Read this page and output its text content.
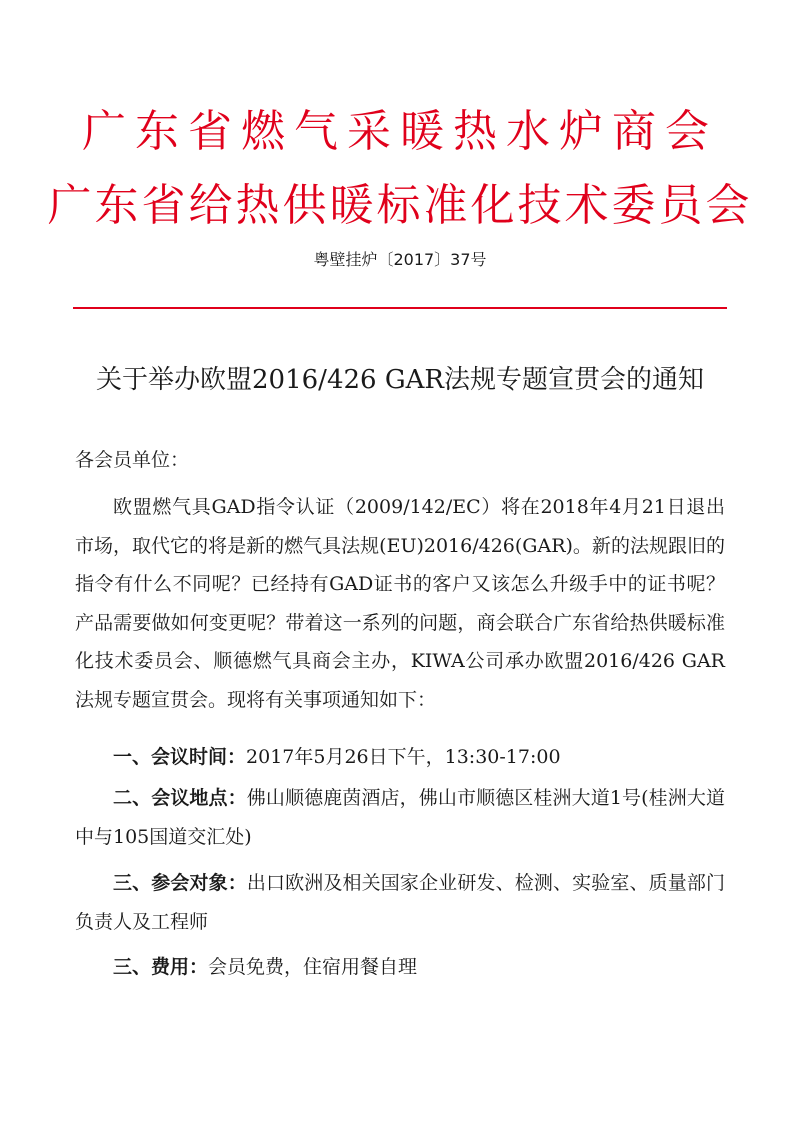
广东省燃气采暖热水炉商会
广东省给热供暖标准化技术委员会
粤壁挂炉〔2017〕37号
关于举办欧盟2016/426 GAR法规专题宣贯会的通知

各会员单位：

欧盟燃气具GAD指令认证（2009/142/EC）将在2018年4月21日退出市场，取代它的将是新的燃气具法规(EU)2016/426(GAR)。新的法规跟旧的指令有什么不同呢？已经持有GAD证书的客户又该怎么升级手中的证书呢？产品需要做如何变更呢？带着这一系列的问题，商会联合广东省给热供暖标准化技术委员会、顺德燃气具商会主办，KIWA公司承办欧盟2016/426 GAR法规专题宣贯会。现将有关事项通知如下：

一、会议时间：2017年5月26日下午，13:30-17:00

二、会议地点：佛山顺德鹿茵酒店，佛山市顺德区桂洲大道1号(桂洲大道中与105国道交汇处)

三、参会对象：出口欧洲及相关国家企业研发、检测、实验室、质量部门负责人及工程师

三、费用：会员免费，住宿用餐自理
